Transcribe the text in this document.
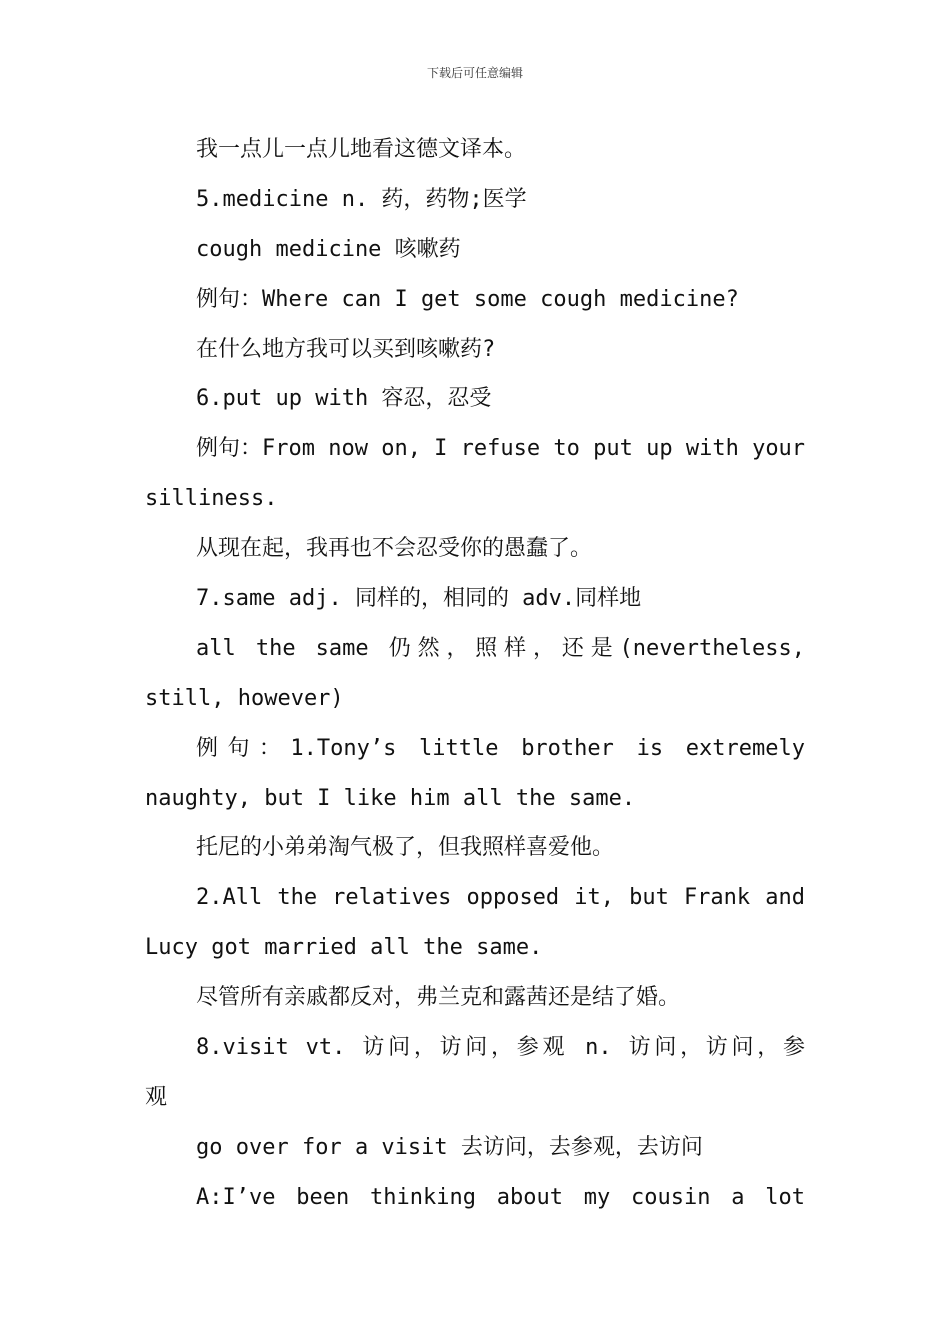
下载后可任意编辑
我一点儿一点儿地看这德文译本。
5.medicine n. 药，药物;医学
cough medicine 咳嗽药
例句：Where can I get some cough medicine?
在什么地方我可以买到咳嗽药?
6.put up with 容忍，忍受
例句：From now on, I refuse to put up with your
silliness.
从现在起，我再也不会忍受你的愚蠢了。
7.same adj. 同样的，相同的 adv.同样地
all the same 仍然，照样，还是(nevertheless,
still, however)
例句：1.Tony’s little brother is extremely
naughty, but I like him all the same.
托尼的小弟弟淘气极了，但我照样喜爱他。
2.All the relatives opposed it, but Frank and
Lucy got married all the same.
尽管所有亲戚都反对，弗兰克和露茜还是结了婚。
8.visit vt. 访问，访问，参观 n. 访问，访问，参
观
go over for a visit 去访问，去参观，去访问
A:I’ve been thinking about my cousin a lot
